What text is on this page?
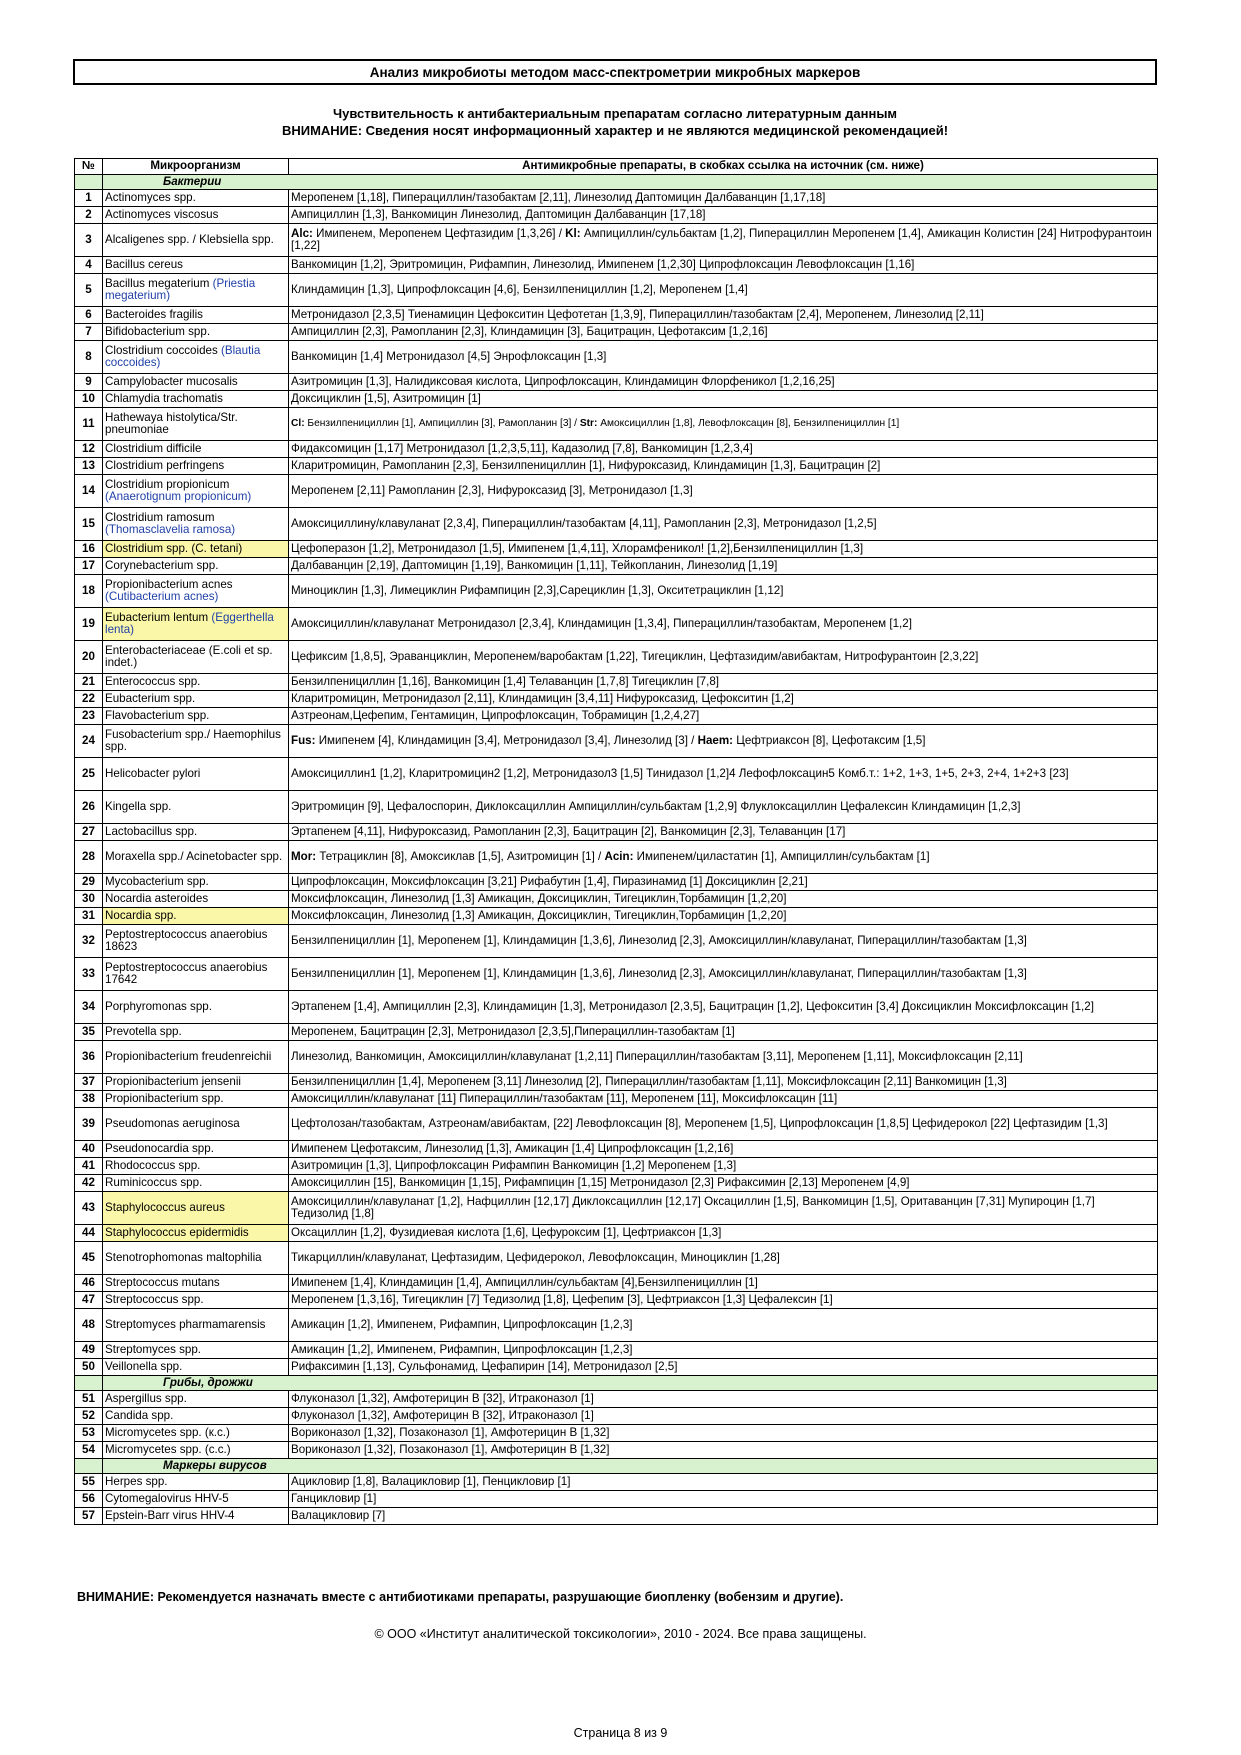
Анализ микробиоты методом масс-спектрометрии микробных маркеров
Чувствительность к антибактериальным препаратам согласно литературным данным
ВНИМАНИЕ: Сведения носят информационный характер и не являются медицинской рекомендацией!
№	Микроорганизм	Антимикробные препараты, в скобках ссылка на источник (см. ниже)
	Бактерии	
1	Actinomyces spp.	Меропенем [1,18], Пиперациллин/тазобактам [2,11], Линезолид Даптомицин Далбаванцин [1,17,18]
2	Actinomyces viscosus	Ампициллин [1,3], Ванкомицин Линезолид, Даптомицин Далбаванцин [17,18]
3	Alcaligenes spp. / Klebsiella spp.	Alc: Имипенем, Меропенем Цефтазидим [1,3,26] / Kl: Ампициллин/сульбактам [1,2], Пиперациллин Меропенем [1,4], Амикацин Колистин [24] Нитрофурантоин [1,22]
4	Bacillus cereus	Ванкомицин [1,2], Эритромицин, Рифампин, Линезолид, Имипенем [1,2,30] Ципрофлоксацин Левофлоксацин [1,16]
5	Bacillus megaterium (Priestia megaterium)	Клиндамицин [1,3], Ципрофлоксацин [4,6], Бензилпенициллин [1,2], Меропенем [1,4]
6	Bacteroides fragilis	Метронидазол [2,3,5] Тиенамицин Цефокситин Цефотетан [1,3,9], Пиперациллин/тазобактам [2,4], Меропенем, Линезолид [2,11]
7	Bifidobacterium spp.	Ампициллин [2,3], Рамопланин [2,3], Клиндамицин [3], Бацитрацин, Цефотаксим [1,2,16]
8	Clostridium coccoides (Blautia coccoides)	Ванкомицин [1,4] Метронидазол [4,5] Энрофлоксацин [1,3]
9	Campylobacter mucosalis	Азитромицин [1,3], Налидиксовая кислота, Ципрофлоксацин, Клиндамицин Флорфеникол [1,2,16,25]
10	Chlamydia trachomatis	Доксициклин [1,5], Азитромицин [1]
11	Hathewaya histolytica/Str. pneumoniae	Cl: Бензилпенициллин [1], Ампициллин [3], Рамопланин [3] / Str: Амоксициллин [1,8], Левофлоксацин [8], Бензилпенициллин [1]
12	Clostridium difficile	Фидаксомицин [1,17] Метронидазол [1,2,3,5,11], Кадазолид [7,8], Ванкомицин [1,2,3,4]
13	Clostridium perfringens	Кларитромицин, Рамопланин [2,3], Бензилпенициллин [1], Нифуроксазид, Клиндамицин [1,3], Бацитрацин [2]
14	Clostridium propionicum (Anaerotignum propionicum)	Меропенем [2,11] Рамопланин [2,3], Нифуроксазид [3], Метронидазол [1,3]
15	Clostridium ramosum (Thomasclavelia ramosa)	Амоксициллину/клавуланат [2,3,4], Пиперациллин/тазобактам [4,11], Рамопланин [2,3], Метронидазол [1,2,5]
16	Clostridium spp. (C. tetani)	Цефоперазон [1,2], Метронидазол [1,5], Имипенем [1,4,11], Хлорамфеникол! [1,2],Бензилпенициллин [1,3]
17	Corynebacterium spp.	Далбаванцин [2,19], Даптомицин [1,19], Ванкомицин [1,11], Тейкопланин, Линезолид [1,19]
18	Propionibacterium acnes (Cutibacterium acnes)	Миноциклин [1,3], Лимециклин Рифампицин [2,3],Сарециклин [1,3], Окситетрациклин [1,12]
19	Eubacterium lentum (Eggerthella lenta)	Амоксициллин/клавуланат Метронидазол [2,3,4], Клиндамицин [1,3,4], Пиперациллин/тазобактам, Меропенем [1,2]
20	Enterobacteriaceae (E.coli et sp. indet.)	Цефиксим [1,8,5], Эраванциклин, Меропенем/варобактам [1,22], Тигециклин, Цефтазидим/авибактам, Нитрофурантоин [2,3,22]
21	Enterococcus spp.	Бензилпенициллин [1,16], Ванкомицин [1,4] Телаванцин [1,7,8] Тигециклин [7,8]
22	Eubacterium spp.	Кларитромицин, Метронидазол [2,11], Клиндамицин [3,4,11] Нифуроксазид, Цефокситин [1,2]
23	Flavobacterium spp.	Азтреонам,Цефепим, Гентамицин, Ципрофлоксацин, Тобрамицин [1,2,4,27]
24	Fusobacterium spp./ Haemophilus spp.	Fus: Имипенем [4], Клиндамицин [3,4], Метронидазол [3,4], Линезолид [3] / Haem: Цефтриаксон [8], Цефотаксим [1,5]
25	Helicobacter pylori	Амоксициллин1 [1,2], Кларитромицин2 [1,2], Метронидазол3 [1,5] Тинидазол [1,2]4 Лефофлоксацин5 Комб.т.: 1+2, 1+3, 1+5, 2+3, 2+4, 1+2+3 [23]
26	Kingella spp.	Эритромицин [9], Цефалоспорин, Диклоксациллин Ампициллин/сульбактам [1,2,9] Флуклоксациллин Цефалексин Клиндамицин [1,2,3]
27	Lactobacillus spp.	Эртапенем [4,11], Нифуроксазид, Рамопланин [2,3], Бацитрацин [2], Ванкомицин [2,3], Телаванцин [17]
28	Moraxella spp./ Acinetobacter spp.	Mor: Тетрациклин [8], Амоксиклав [1,5], Азитромицин [1] / Acin: Имипенем/циластатин [1], Ампициллин/сульбактам [1]
29	Mycobacterium spp.	Ципрофлоксацин, Моксифлоксацин [3,21] Рифабутин [1,4], Пиразинамид [1] Доксициклин [2,21]
30	Nocardia asteroides	Моксифлоксацин, Линезолид [1,3] Амикацин, Доксициклин, Тигециклин,Торбамицин [1,2,20]
31	Nocardia spp.	Моксифлоксацин, Линезолид [1,3] Амикацин, Доксициклин, Тигециклин,Торбамицин [1,2,20]
32	Peptostreptococcus anaerobius 18623	Бензилпенициллин [1], Меропенем [1], Клиндамицин [1,3,6], Линезолид [2,3], Амоксициллин/клавуланат, Пиперациллин/тазобактам [1,3]
33	Peptostreptococcus anaerobius 17642	Бензилпенициллин [1], Меропенем [1], Клиндамицин [1,3,6], Линезолид [2,3], Амоксициллин/клавуланат, Пиперациллин/тазобактам [1,3]
34	Porphyromonas spp.	Эртапенем [1,4], Ампициллин [2,3], Клиндамицин [1,3], Метронидазол [2,3,5], Бацитрацин [1,2], Цефокситин [3,4] Доксициклин Моксифлоксацин [1,2]
35	Prevotella spp.	Меропенем, Бацитрацин [2,3], Метронидазол [2,3,5],Пиперациллин-тазобактам [1]
36	Propionibacterium freudenreichii	Линезолид, Ванкомицин, Амоксициллин/клавуланат [1,2,11] Пиперациллин/тазобактам [3,11], Меропенем [1,11], Моксифлоксацин [2,11]
37	Propionibacterium jensenii	Бензилпенициллин [1,4], Меропенем [3,11] Линезолид [2], Пиперациллин/тазобактам [1,11], Моксифлоксацин [2,11] Ванкомицин [1,3]
38	Propionibacterium spp.	Амоксициллин/клавуланат [11] Пиперациллин/тазобактам [11], Меропенем [11], Моксифлоксацин [11]
39	Pseudomonas aeruginosa	Цефтолозан/тазобактам, Азтреонам/авибактам, [22] Левофлоксацин [8], Меропенем [1,5], Ципрофлоксацин [1,8,5] Цефидерокол [22] Цефтазидим [1,3]
40	Pseudonocardia spp.	Имипенем Цефотаксим, Линезолид [1,3], Амикацин [1,4] Ципрофлоксацин [1,2,16]
41	Rhodococcus spp.	Азитромицин [1,3], Ципрофлоксацин Рифампин Ванкомицин [1,2] Меропенем [1,3]
42	Ruminicoccus spp.	Амоксициллин [15], Ванкомицин [1,15], Рифампицин [1,15] Метронидазол [2,3] Рифаксимин [2,13] Меропенем [4,9]
43	Staphylococcus aureus	Амоксициллин/клавуланат [1,2], Нафциллин [12,17] Диклоксациллин [12,17] Оксациллин [1,5], Ванкомицин [1,5], Оритаванцин [7,31] Мупироцин [1,7] Тедизолид [1,8]
44	Staphylococcus epidermidis	Оксациллин [1,2], Фузидиевая кислота [1,6], Цефуроксим [1], Цефтриаксон [1,3]
45	Stenotrophomonas maltophilia	Тикарциллин/клавуланат, Цефтазидим, Цефидерокол, Левофлоксацин, Миноциклин [1,28]
46	Streptococcus mutans	Имипенем [1,4], Клиндамицин [1,4], Ампициллин/сульбактам [4],Бензилпенициллин [1]
47	Streptococcus spp.	Меропенем [1,3,16], Тигециклин [7] Тедизолид [1,8], Цефепим [3], Цефтриаксон [1,3] Цефалексин [1]
48	Streptomyces pharmamarensis	Амикацин [1,2], Имипенем, Рифампин, Ципрофлоксацин [1,2,3]
49	Streptomyces spp.	Амикацин [1,2], Имипенем, Рифампин, Ципрофлоксацин [1,2,3]
50	Veillonella spp.	Рифаксимин [1,13], Сульфонамид, Цефапирин [14], Метронидазол [2,5]
	Грибы, дрожжи	
51	Aspergillus spp.	Флуконазол [1,32], Амфотерицин B [32], Итраконазол [1]
52	Candida spp.	Флуконазол [1,32], Амфотерицин B [32], Итраконазол [1]
53	Micromycetes spp. (к.с.)	Вориконазол [1,32], Позаконазол [1], Амфотерицин B [1,32]
54	Micromycetes spp. (с.с.)	Вориконазол [1,32], Позаконазол [1], Амфотерицин B [1,32]
	Маркеры вирусов	
55	Herpes spp.	Ацикловир [1,8], Валацикловир [1], Пенцикловир [1]
56	Cytomegalovirus HHV-5	Ганцикловир [1]
57	Epstein-Barr virus HHV-4	Валацикловир [7]
ВНИМАНИЕ: Рекомендуется назначать вместе с антибиотиками препараты, разрушающие биопленку (вобензим и другие).
© ООО «Институт аналитической токсикологии», 2010 - 2024. Все права защищены.
Страница 8 из 9
